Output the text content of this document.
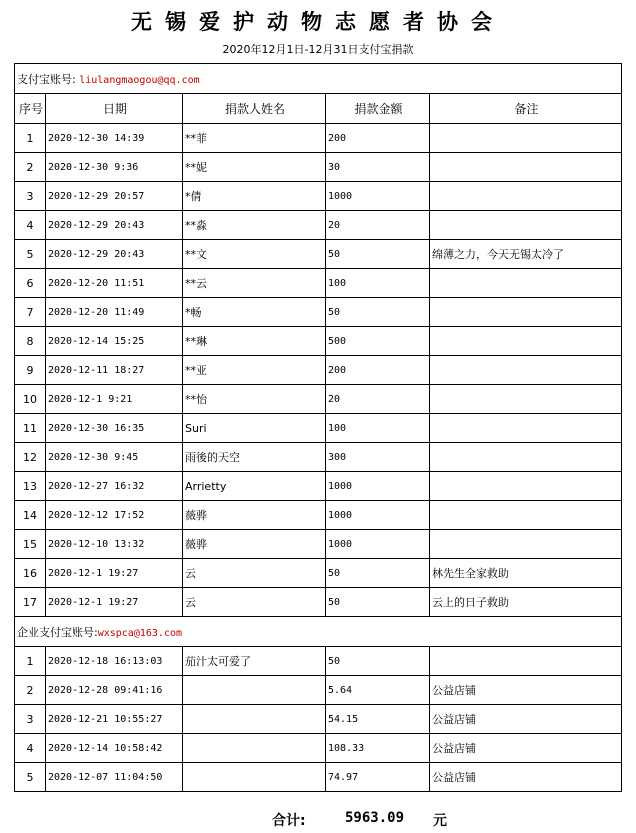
无锡爱护动物志愿者协会
2020年12月1日-12月31日支付宝捐款
支付宝账号: liulangmaogou@qq.com				
序号	日期	捐款人姓名	捐款金额	备注
1	2020-12-30 14:39	**菲	200	
2	2020-12-30 9:36	**妮	30	
3	2020-12-29 20:57	*倩	1000	
4	2020-12-29 20:43	**淼	20	
5	2020-12-29 20:43	**文	50	绵薄之力，今天无锡太冷了
6	2020-12-20 11:51	**云	100	
7	2020-12-20 11:49	*畅	50	
8	2020-12-14 15:25	**琳	500	
9	2020-12-11 18:27	**亚	200	
10	2020-12-1 9:21	**怡	20	
11	2020-12-30 16:35	Suri	100	
12	2020-12-30 9:45	雨後的天空	300	
13	2020-12-27 16:32	Arrietty	1000	
14	2020-12-12 17:52	薇骅	1000	
15	2020-12-10 13:32	薇骅	1000	
16	2020-12-1 19:27	云	50	林先生全家救助
17	2020-12-1 19:27	云	50	云上的日子救助
企业支付宝账号:wxspca@163.com				
1	2020-12-18 16:13:03	茄汁太可爱了	50	
2	2020-12-28 09:41:16		5.64	公益店铺
3	2020-12-21 10:55:27		54.15	公益店铺
4	2020-12-14 10:58:42		108.33	公益店铺
5	2020-12-07 11:04:50		74.97	公益店铺
合计:	5963.09 元
